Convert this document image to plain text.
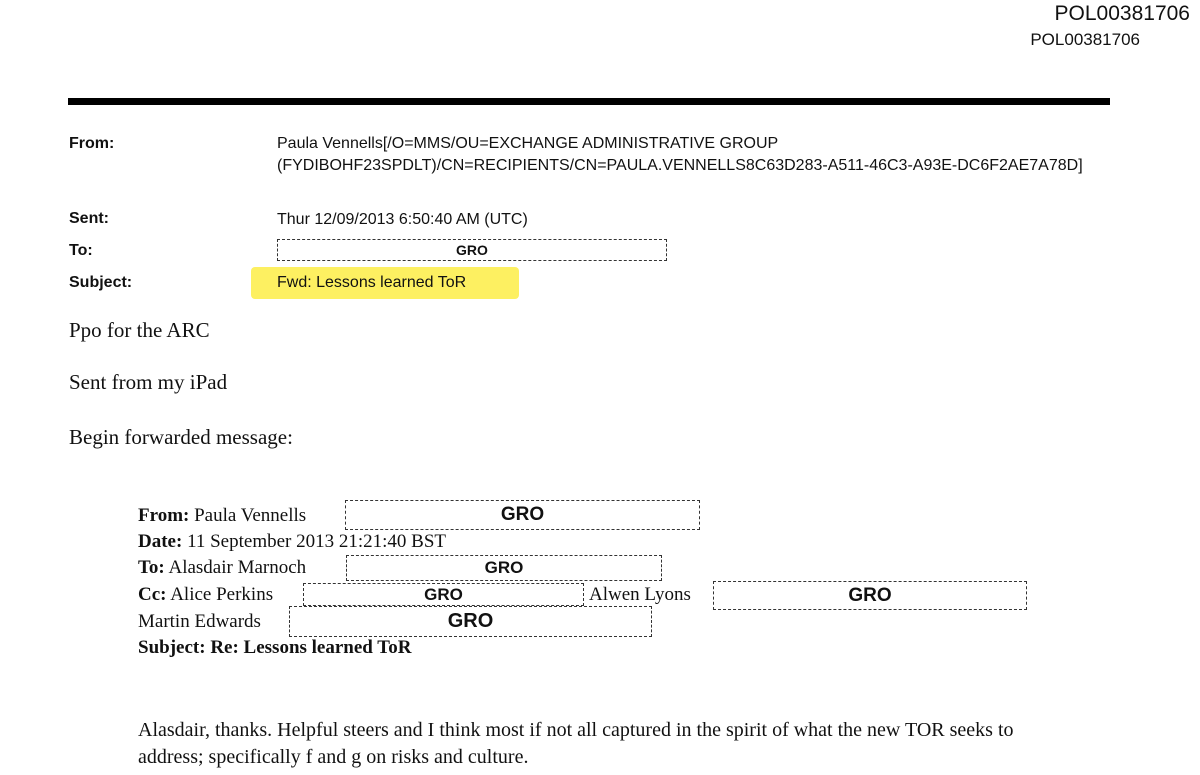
POL00381706
POL00381706
From:	Paula Vennells[/O=MMS/OU=EXCHANGE ADMINISTRATIVE GROUP (FYDIBOHF23SPDLT)/CN=RECIPIENTS/CN=PAULA.VENNELLS8C63D283-A511-46C3-A93E-DC6F2AE7A78D]
Sent:	Thur 12/09/2013 6:50:40 AM (UTC)
To:	GRO
Subject:	Fwd: Lessons learned ToR
Ppo for the ARC
Sent from my iPad
Begin forwarded message:
From: Paula Vennells	GRO
Date: 11 September 2013 21:21:40 BST
To: Alasdair Marnoch	GRO
Cc: Alice Perkins	GRO	Alwen Lyons	GRO
Martin Edwards	GRO
Subject: Re: Lessons learned ToR
Alasdair, thanks. Helpful steers and I think most if not all captured in the spirit of what the new TOR seeks to address; specifically f and g on risks and culture.
